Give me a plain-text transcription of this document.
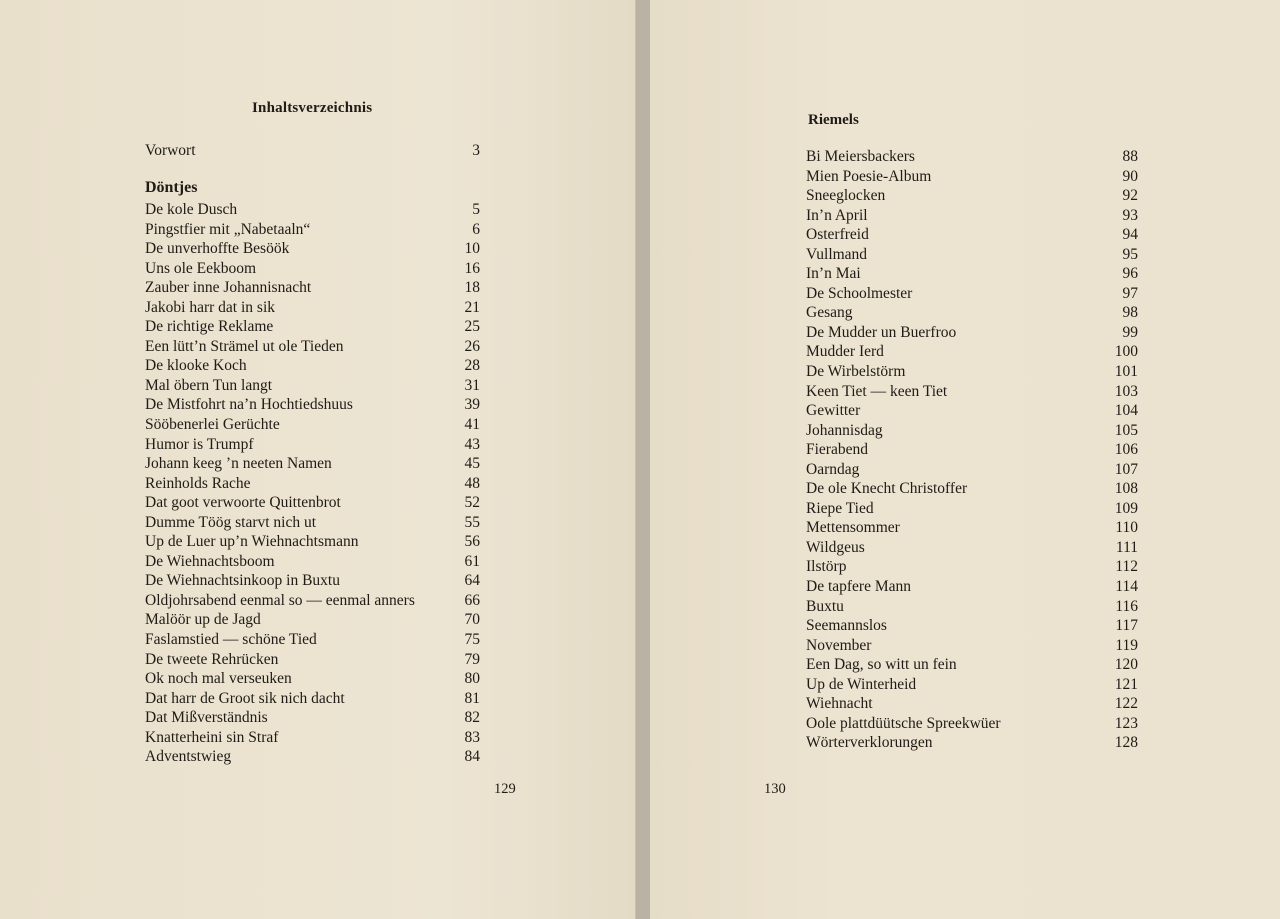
Inhaltsverzeichnis
Vorwort	3
Döntjes
De kole Dusch	5
Pingstfier mit „Nabetaaln“	6
De unverhoffte Besöök	10
Uns ole Eekboom	16
Zauber inne Johannisnacht	18
Jakobi harr dat in sik	21
De richtige Reklame	25
Een lütt’n Strämel ut ole Tieden	26
De klooke Koch	28
Mal öbern Tun langt	31
De Mistfohrt na’n Hochtiedshuus	39
Sööbenerlei Gerüchte	41
Humor is Trumpf	43
Johann keeg ’n neeten Namen	45
Reinholds Rache	48
Dat goot verwoorte Quittenbrot	52
Dumme Töög starvt nich ut	55
Up de Luer up’n Wiehnachtsmann	56
De Wiehnachtsboom	61
De Wiehnachtsinkoop in Buxtu	64
Oldjohrsabend eenmal so — eenmal anners	66
Malöör up de Jagd	70
Faslamstied — schöne Tied	75
De tweete Rehrücken	79
Ok noch mal verseuken	80
Dat harr de Groot sik nich dacht	81
Dat Mißverständnis	82
Knatterheini sin Straf	83
Adventstwieg	84
129
Riemels
Bi Meiersbackers	88
Mien Poesie-Album	90
Sneeglocken	92
In’n April	93
Osterfreid	94
Vullmand	95
In’n Mai	96
De Schoolmester	97
Gesang	98
De Mudder un Buerfroo	99
Mudder Ierd	100
De Wirbelstörm	101
Keen Tiet — keen Tiet	103
Gewitter	104
Johannisdag	105
Fierabend	106
Oarndag	107
De ole Knecht Christoffer	108
Riepe Tied	109
Mettensommer	110
Wildgeus	111
Ilstörp	112
De tapfere Mann	114
Buxtu	116
Seemannslos	117
November	119
Een Dag, so witt un fein	120
Up de Winterheid	121
Wiehnacht	122
Oole plattdüütsche Spreekwüer	123
Wörterverklorungen	128
130
